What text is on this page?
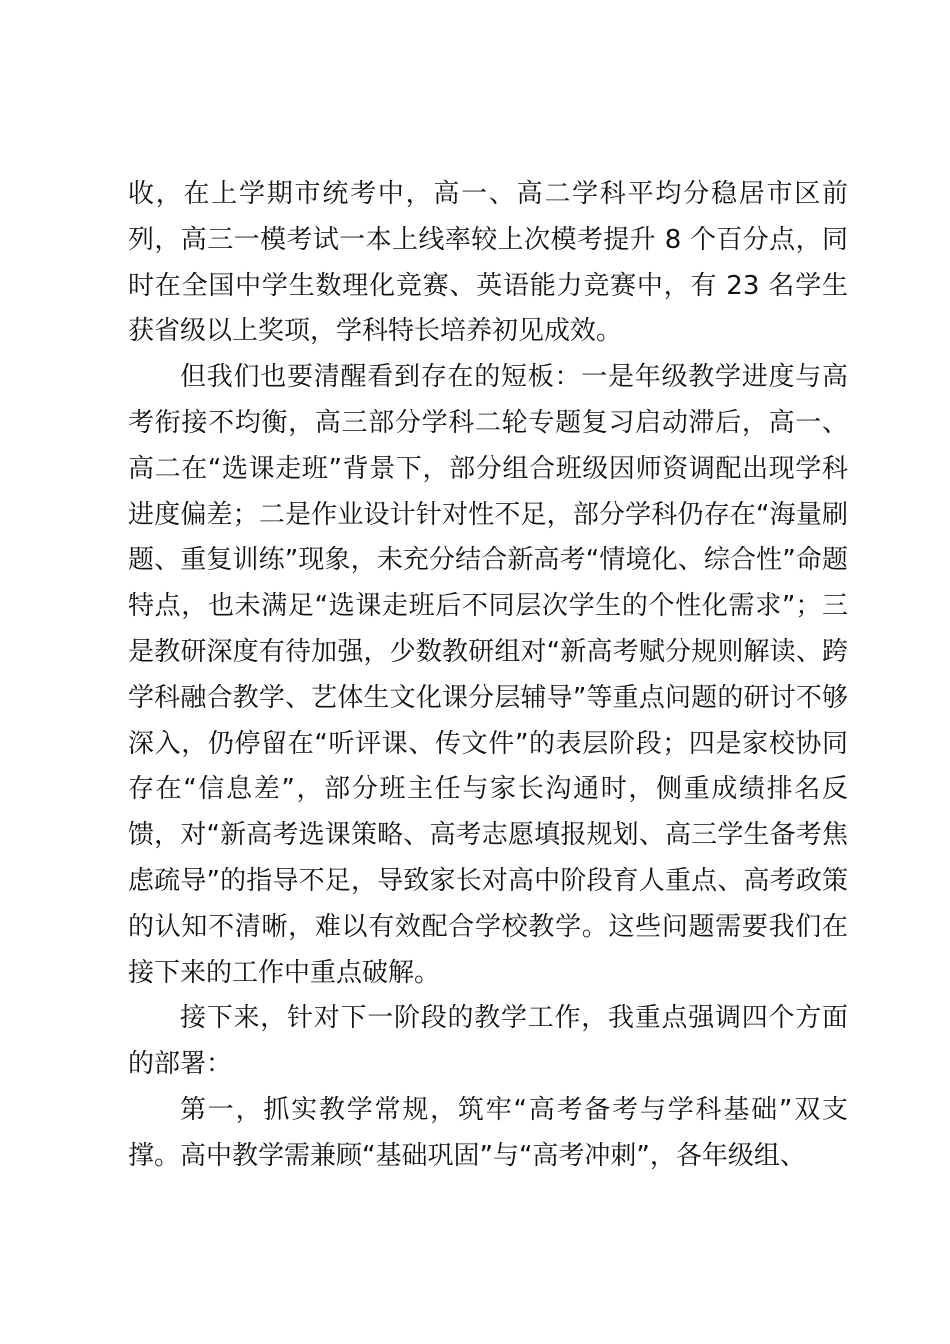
收，在上学期市统考中，高一、高二学科平均分稳居市区前列，高三一模考试一本上线率较上次模考提升 8 个百分点，同时在全国中学生数理化竞赛、英语能力竞赛中，有 23 名学生获省级以上奖项，学科特长培养初见成效。

但我们也要清醒看到存在的短板：一是年级教学进度与高考衔接不均衡，高三部分学科二轮专题复习启动滞后，高一、高二在“选课走班”背景下，部分组合班级因师资调配出现学科进度偏差；二是作业设计针对性不足，部分学科仍存在“海量刷题、重复训练”现象，未充分结合新高考“情境化、综合性”命题特点，也未满足“选课走班后不同层次学生的个性化需求”；三是教研深度有待加强，少数教研组对“新高考赋分规则解读、跨学科融合教学、艺体生文化课分层辅导”等重点问题的研讨不够深入，仍停留在“听评课、传文件”的表层阶段；四是家校协同存在“信息差”，部分班主任与家长沟通时，侧重成绩排名反馈，对“新高考选课策略、高考志愿填报规划、高三学生备考焦虑疏导”的指导不足，导致家长对高中阶段育人重点、高考政策的认知不清晰，难以有效配合学校教学。这些问题需要我们在接下来的工作中重点破解。

接下来，针对下一阶段的教学工作，我重点强调四个方面的部署：

第一，抓实教学常规，筑牢“高考备考与学科基础”双支撑。高中教学需兼顾“基础巩固”与“高考冲刺”，各年级组、
